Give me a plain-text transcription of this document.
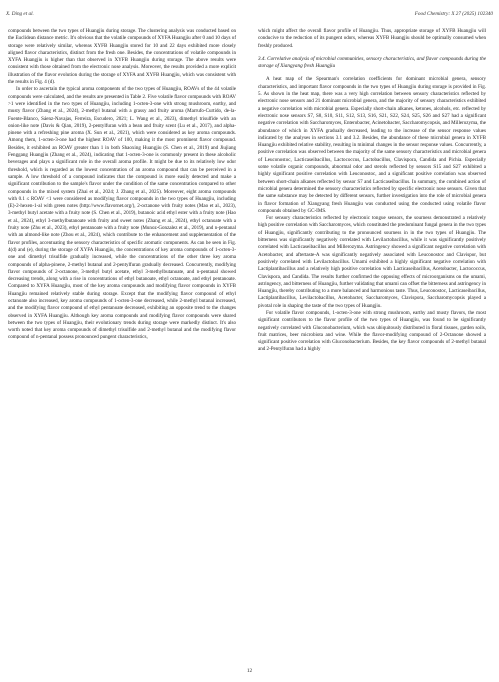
X. Ding et al.	Food Chemistry: X 27 (2025) 102340

compounds between the two types of Huangjiu during storage. The clustering analysis was conducted based on the Euclidean distance metric. It's obvious that the volatile compounds of XYFA Huangjiu after 0 and 10 days of storage were relatively similar, whereas XYFB Huangjiu stored for 10 and 22 days exhibited more closely aligned flavor characteristics, distinct from the fresh one. Besides, the concentrations of volatile compounds in XYFA Huangjiu is higher than that observed in XYFB Huangjiu during storage. The above results were consistent with those obtained from the electronic nose analysis. Moreover, the results provided a more explicit illustration of the flavor evolution during the storage of XYFA and XYFB Huangjiu, which was consistent with the results in Fig. 4 (d).

In order to ascertain the typical aroma components of the two types of Huangjiu, ROAVs of the 44 volatile compounds were calculated, and the results are presented in Table 2. Five volatile flavor compounds with ROAV >1 were identified in the two types of Huangjiu, including 1-octen-3-one with strong mushroom, earthy, and musty flavor (Zhang et al., 2024), 2-methyl butanal with a grassy and fruity aroma (Marrufo-Curtido, de-la-Fuente-Blanco, Sáenz-Navajas, Ferreira, Escudero, 2021; L. Wang et al., 2023), dimethyl trisulfide with an onion-like note (Davis & Qian, 2019), 2-pentylfuran with a bean and fruity scent (Lu et al., 2017), and alpha-pinene with a refreshing pine aroma (X. Sun et al., 2021), which were considered as key aroma compounds. Among them, 1-octen-3-one had the highest ROAV of 100, making it the most prominent flavor compound. Besides, it exhibited an ROAV greater than 1 in both Shaoxing Huangjiu (S. Chen et al., 2019) and Jiujiang Fenggang Huangjiu (Zhang et al., 2024), indicating that 1-octen-3-one is commonly present in these alcoholic beverages and plays a significant role in the overall aroma profile. It might be due to its relatively low odor threshold, which is regarded as the lowest concentration of an aroma compound that can be perceived in a sample. A low threshold of a compound indicates that the compound is more easily detected and make a significant contribution to the sample's flavor under the condition of the same concentration compared to other compounds in the mixed system (Zhai et al., 2024; J. Zhang et al., 2025). Moreover, eight aroma compounds with 0.1 ≤ ROAV <1 were considered as modifying flavor compounds in the two types of Huangjiu, including (E)-2-hexen-1-al with green notes (http://www.flavornet.org/), 2-octanone with fruity notes (Mao et al., 2023), 3-methyl butyl acetate with a fruity note (S. Chen et al., 2019), butanoic acid ethyl ester with a fruity note (Hao et al., 2024), ethyl 3-methylbutanoate with fruity and sweet notes (Zhang et al., 2024), ethyl octanoate with a fruity note (Zhu et al., 2023), ethyl pentanoate with a fruity note (Munoz-Gonzalez et al., 2019), and n-pentanal with an almond-like note (Zhou et al., 2024), which contribute to the enhancement and supplementation of the flavor profiles, accentuating the sensory characteristics of specific aromatic components. As can be seen in Fig. 4(d) and (e), during the storage of XYFA Huangjiu, the concentrations of key aroma compounds of 1-octen-3-one and dimethyl trisulfide gradually increased, while the concentrations of the other three key aroma compounds of alpha-pinene, 2-methyl butanal and 2-pentylfuran gradually decreased. Concurrently, modifying flavor compounds of 2-octanone, 3-methyl butyl acetate, ethyl 3-methylbutanoate, and n-pentanal showed decreasing trends, along with a rise in concentrations of ethyl butanoate, ethyl octanoate, and ethyl pentanoate. Compared to XYFA Huangjiu, most of the key aroma compounds and modifying flavor compounds in XYFB Huangjiu remained relatively stable during storage. Except that the modifying flavor compound of ethyl octanoate also increased, key aroma compounds of 1-octen-3-one decreased, while 2-methyl butanal increased, and the modifying flavor compound of ethyl pentanoate decreased, exhibiting an opposite trend to the changes observed in XYFA Huangjiu. Although key aroma compounds and modifying flavor compounds were shared between the two types of Huangjiu, their evolutionary trends during storage were markedly distinct. It's also worth noted that key aroma compounds of dimethyl trisulfide and 2-methyl butanal and the modifying flavor compound of n-pentanal possess pronounced pungent characteristics,

which might affect the overall flavor profile of Huangjiu. Thus, appropriate storage of XYFB Huangjiu will conducive to the reduction of its pungent odors, whereas XYFB Huangjiu should be optimally consumed when freshly produced.

3.4. Correlative analysis of microbial communities, sensory characteristics, and flavor compounds during the storage of Xiangyang fresh Huangjiu

A heat map of the Spearman's correlation coefficients for dominant microbial genera, sensory characteristics, and important flavor compounds in the two types of Huangjiu during storage is provided in Fig. 5. As shown in the heat map, there was a very high correlation between sensory characteristics reflected by electronic nose sensors and 21 dominant microbial genera, and the majority of sensory characteristics exhibited a negative correlation with microbial genera. Especially short-chain alkanes, ketones, alcohols, etc. reflected by electronic nose sensors S7, S8, S10, S11, S12, S13, S16, S21, S22, S24, S25, S26 and S27 had a significant negative correlation with Saccharomyces, Enterobacter, Acinetobacter, Saccharomycopsis, and Millerozyma, the abundance of which in XYFA gradually decreased, leading to the increase of the sensor response values indicated by the analyses in sections 3.1 and 3.2. Besides, the abundance of these microbial genera in XYFB Huangjiu exhibited relative stability, resulting in minimal changes in the sensor response values. Concurrently, a positive correlation was observed between the majority of the same sensory characteristics and microbial genera of Leuconostoc, Lacticaseibacillus, Lactococcus, Lactobacillus, Clavispora, Candida and Pichia. Especially some volatile organic compounds, abnormal odor and sterols reflected by sensors S15 and S27 exhibited a highly significant positive correlation with Leuconostoc, and a significant positive correlation was observed between short-chain alkanes reflected by sensor S7 and Lacticaseibacillus. In summary, the combined action of microbial genera determined the sensory characteristics reflected by specific electronic nose sensors. Given that the same substance may be detected by different sensors, further investigation into the role of microbial genera in flavor formation of Xiangyang fresh Huangjiu was conducted using the conducted using volatile flavor compounds obtained by GC-IMS.

For sensory characteristics reflected by electronic tongue sensors, the sourness demonstrated a relatively high positive correlation with Saccharomyces, which constituted the predominant fungal genera in the two types of Huangjiu, significantly contributing to the pronounced sourness in in the two types of Huangjiu. The bitterness was significantly negatively correlated with Levilactobacillus, while it was significantly positively correlated with Lacticaseibacillus and Millerozyma. Astringency showed a significant negative correlation with Acetobacter, and aftertaste-A was significantly negatively associated with Leuconostoc and Clavispor, but positively correlated with Levilactobacillus. Umami exhibited a highly significant negative correlation with Lactiplantibacillus and a relatively high positive correlation with Lacticaseibacillus, Acetobacter, Lactococcus, Clavispora, and Candida. The results further confirmed the opposing effects of microorganisms on the umami, astringency, and bitterness of Huangjiu, further validating that umami can offset the bitterness and astringency in Huangjiu, thereby contributing to a more balanced and harmonious taste. Thus, Leuconostoc, Lacticaseibacillus, Lactiplantibacillus, Levilactobacillus, Acetobacter, Saccharomyces, Clavispora, Saccharomycopsis played a pivotal role in shaping the taste of the two types of Huangjiu.

For volatile flavor compounds, 1-octen-3-one with strong mushroom, earthy and musty flavors, the most significant contributors to the flavor profile of the two types of Huangjiu, was found to be significantly negatively correlated with Gluconobacterium, which was ubiquitously distributed in floral tissues, garden soils, fruit matrices, beer microbiota and wine. While the flavor-modifying compound of 2-Octanone showed a significant positive correlation with Gluconobacterium. Besides, the key flavor compounds of 2-methyl butanal and 2-Pentylfuran had a highly

12
